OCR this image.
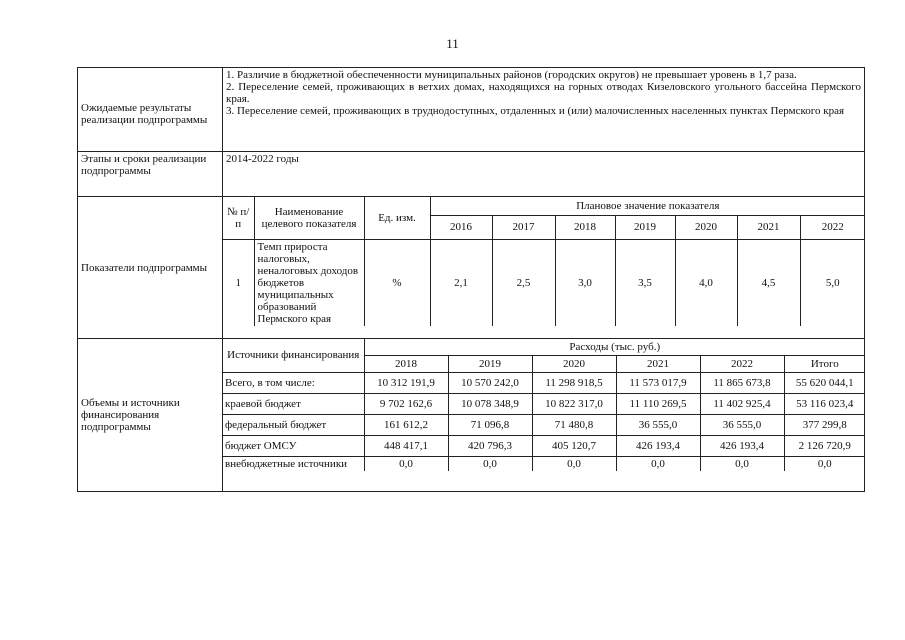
11
Ожидаемые результаты реализации подпрограммы	
1. Различие в бюджетной обеспеченности муниципальных районов (городских округов) не превышает уровень в 1,7 раза.
2. Переселение семей, проживающих в ветхих домах, находящихся на горных отводах Кизеловского угольного бассейна Пермского края.
3. Переселение семей, проживающих в труднодоступных, отдаленных и (или) малочисленных населенных пунктах Пермского края

Этапы и сроки реализации подпрограммы	2014-2022 годы
Показатели подпрограммы	
№ п/п	Наименование целевого показателя	Ед. изм.	Плановое значение показателя
2016	2017	2018	2019	2020	2021	2022
1	Темп прироста налоговых, неналоговых доходов бюджетов муниципальных образований Пермского края	%	2,1	2,5	3,0	3,5	4,0	4,5	5,0

Объемы и источники финансирования подпрограммы	
Источники финансирования	Расходы (тыс. руб.)
2018	2019	2020	2021	2022	Итого
Всего, в том числе:	10 312 191,9	10 570 242,0	11 298 918,5	11 573 017,9	11 865 673,8	55 620 044,1
краевой бюджет	9 702 162,6	10 078 348,9	10 822 317,0	11 110 269,5	11 402 925,4	53 116 023,4
федеральный бюджет	161 612,2	71 096,8	71 480,8	36 555,0	36 555,0	377 299,8
бюджет ОМСУ	448 417,1	420 796,3	405 120,7	426 193,4	426 193,4	2 126 720,9
внебюджетные источники	0,0	0,0	0,0	0,0	0,0	0,0
